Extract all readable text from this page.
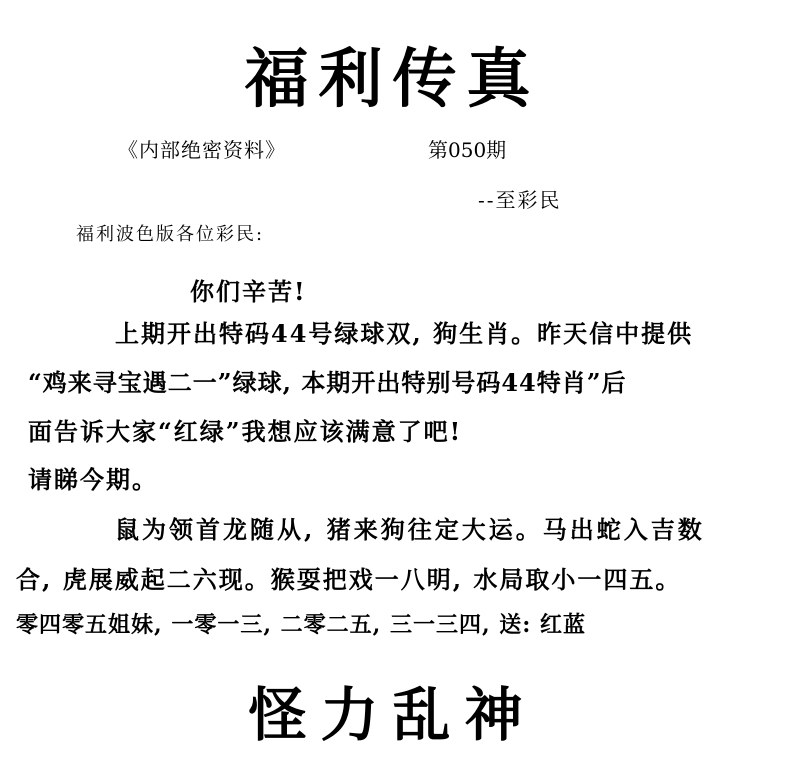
福利传真
《内部绝密资料》	第050期
--至彩民
福利波色版各位彩民:
你们辛苦!
上期开出特码44号绿球双, 狗生肖。昨天信中提供
“鸡来寻宝遇二一”绿球, 本期开出特别号码44特肖”后
面告诉大家“红绿”我想应该满意了吧!
请睇今期。
鼠为领首龙随从, 猪来狗往定大运。马出蛇入吉数
合, 虎展威起二六现。猴耍把戏一八明, 水局取小一四五。
零四零五姐妹, 一零一三, 二零二五, 三一三四, 送: 红蓝
怪力乱神
